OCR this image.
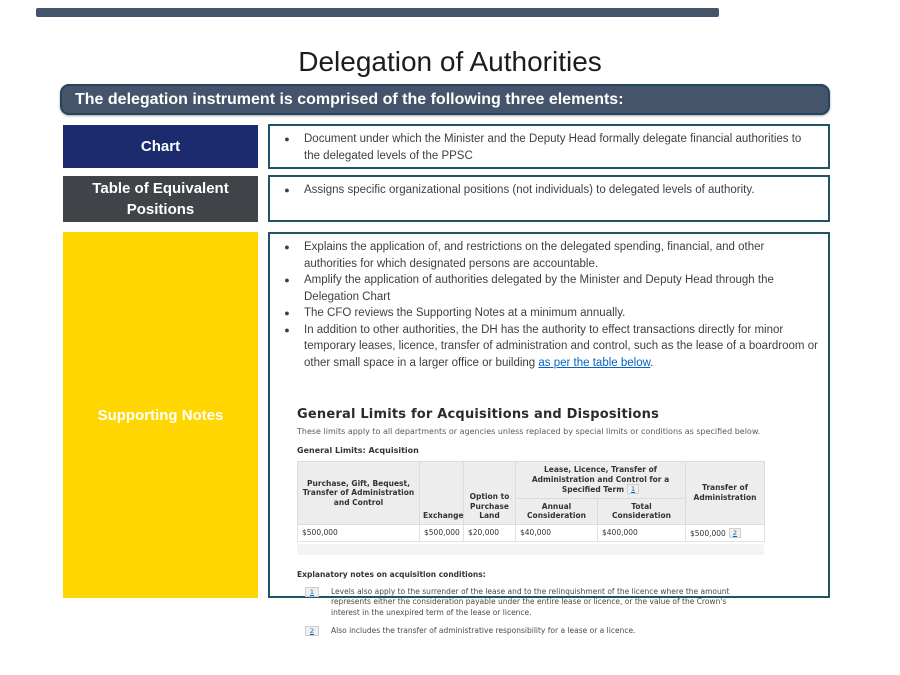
Delegation of Authorities
The delegation instrument is comprised of the following three elements:
Chart	●	Document under which the Minister and the Deputy Head formally delegate financial authorities to the delegated levels of the PPSC
Table of Equivalent Positions
●	Assigns specific organizational positions (not individuals) to delegated levels of authority.
Supporting Notes
●	Explains the application of, and restrictions on the delegated spending, financial, and other authorities for which designated persons are accountable.
●	Amplify the application of authorities delegated by the Minister and Deputy Head through the Delegation Chart
●	The CFO reviews the Supporting Notes at a minimum annually.
●	In addition to other authorities, the DH has the authority to effect transactions directly for minor temporary leases, licence, transfer of administration and control, such as the lease of a boardroom or other small space in a larger office or building as per the table below.
General Limits for Acquisitions and Dispositions
These limits apply to all departments or agencies unless replaced by special limits or conditions as specified below.
General Limits: Acquisition
Purchase, Gift, Bequest, Transfer of Administration and Control	Exchange	Option to Purchase Land	Lease, Licence, Transfer of Administration and Control for a Specified Term 1		Transfer of Administration
			Annual Consideration	Total Consideration	
$500,000	$500,000	$20,000	$40,000	$400,000	$500,000 2
Explanatory notes on acquisition conditions:
1	Levels also apply to the surrender of the lease and to the relinquishment of the licence where the amount represents either the consideration payable under the entire lease or licence, or the value of the Crown's interest in the unexpired term of the lease or licence.
2	Also includes the transfer of administrative responsibility for a lease or a licence.
